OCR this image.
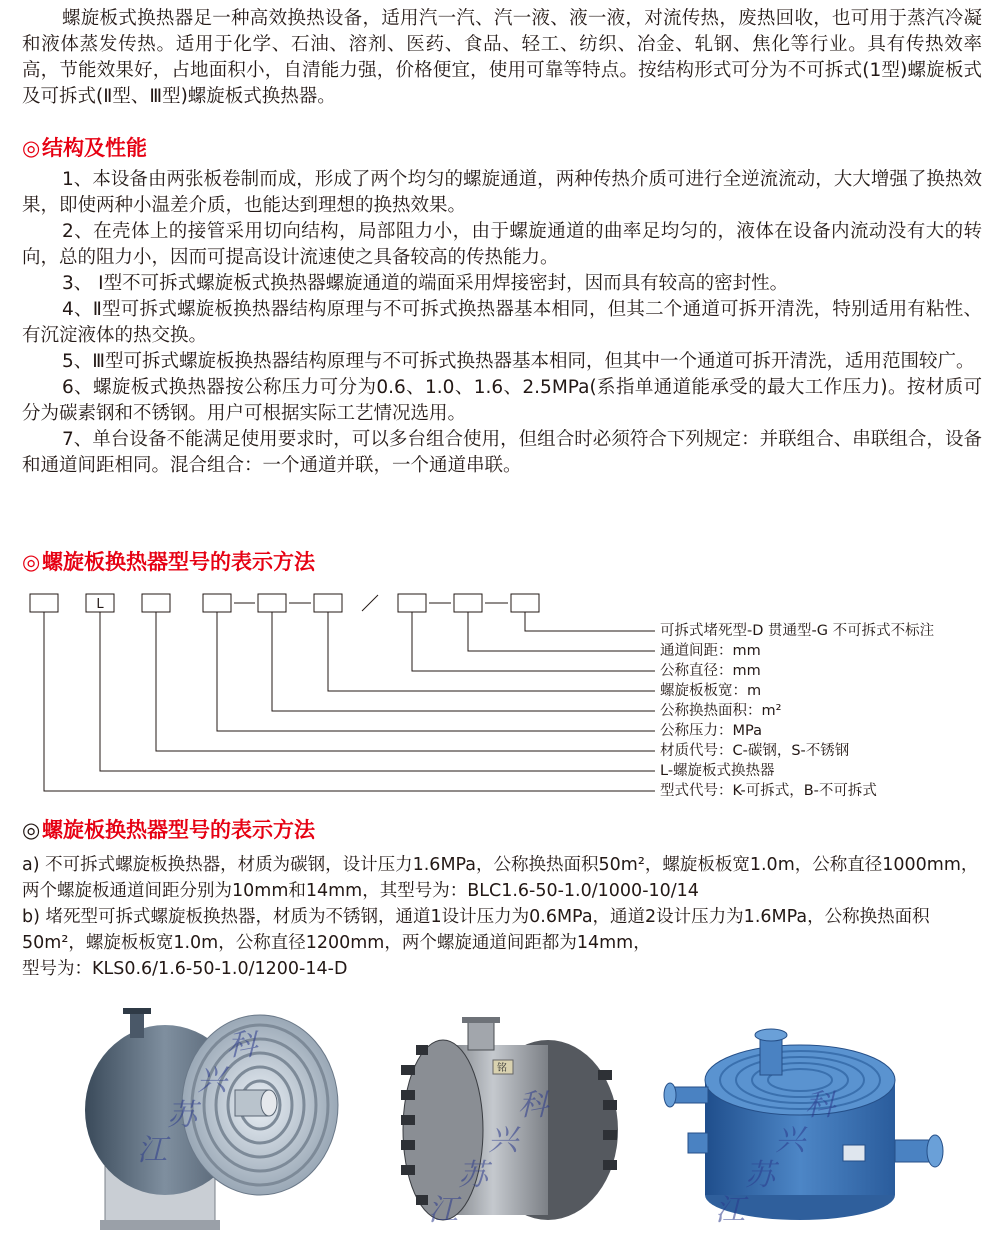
螺旋板式换热器足一种高效换热设备，适用汽一汽、汽一液、液一液，对流传热，废热回收，也可用于蒸汽冷凝和液体蒸发传热。适用于化学、石油、溶剂、医药、食品、轻工、纺织、冶金、轧钢、焦化等行业。具有传热效率高，节能效果好，占地面积小，自清能力强，价格便宜，使用可靠等特点。按结构形式可分为不可拆式(1型)螺旋板式及可拆式(Ⅱ型、Ⅲ型)螺旋板式换热器。

◎结构及性能

1、本设备由两张板卷制而成，形成了两个均匀的螺旋通道，两种传热介质可进行全逆流流动，大大增强了换热效果，即使两种小温差介质，也能达到理想的换热效果。

2、在壳体上的接管采用切向结构，局部阻力小，由于螺旋通道的曲率足均匀的，液体在设备内流动没有大的转向，总的阻力小，因而可提高设计流速使之具备较高的传热能力。

3、 I型不可拆式螺旋板式换热器螺旋通道的端面采用焊接密封，因而具有较高的密封性。

4、Ⅱ型可拆式螺旋板换热器结构原理与不可拆式换热器基本相同，但其二个通道可拆开清洗，特别适用有粘性、有沉淀液体的热交换。

5、Ⅲ型可拆式螺旋板换热器结构原理与不可拆式换热器基本相同，但其中一个通道可拆开清洗，适用范围较广。

6、螺旋板式换热器按公称压力可分为0.6、1.0、1.6、2.5MPa(系指单通道能承受的最大工作压力)。按材质可分为碳素钢和不锈钢。用户可根据实际工艺情况选用。

7、单台设备不能满足使用要求时，可以多台组合使用，但组合时必须符合下列规定：并联组合、串联组合，设备和通道间距相同。混合组合：一个通道并联，一个通道串联。

◎螺旋板换热器型号的表示方法
L
可拆式堵死型-D 贯通型-G 不可拆式不标注
通道间距：mm
公称直径：mm
螺旋板板宽：m
公称换热面积：m²
公称压力：MPa
材质代号：C-碳钢，S-不锈钢
L-螺旋板式换热器
型式代号：K-可拆式，B-不可拆式
◎螺旋板换热器型号的表示方法

a) 不可拆式螺旋板换热器，材质为碳钢，设计压力1.6MPa，公称换热面积50m²，螺旋板板宽1.0m，公称直径1000mm，两个螺旋板通道间距分别为10mm和14mm，其型号为：BLC1.6-50-1.0/1000-10/14

b) 堵死型可拆式螺旋板换热器，材质为不锈钢，通道1设计压力为0.6MPa，通道2设计压力为1.6MPa，公称换热面积50m²，螺旋板板宽1.0m，公称直径1200mm，两个螺旋通道间距都为14mm，

型号为：KLS0.6/1.6-50-1.0/1200-14-D

江
苏
兴
科
铭
江
苏
兴
科
江
苏
兴
科
